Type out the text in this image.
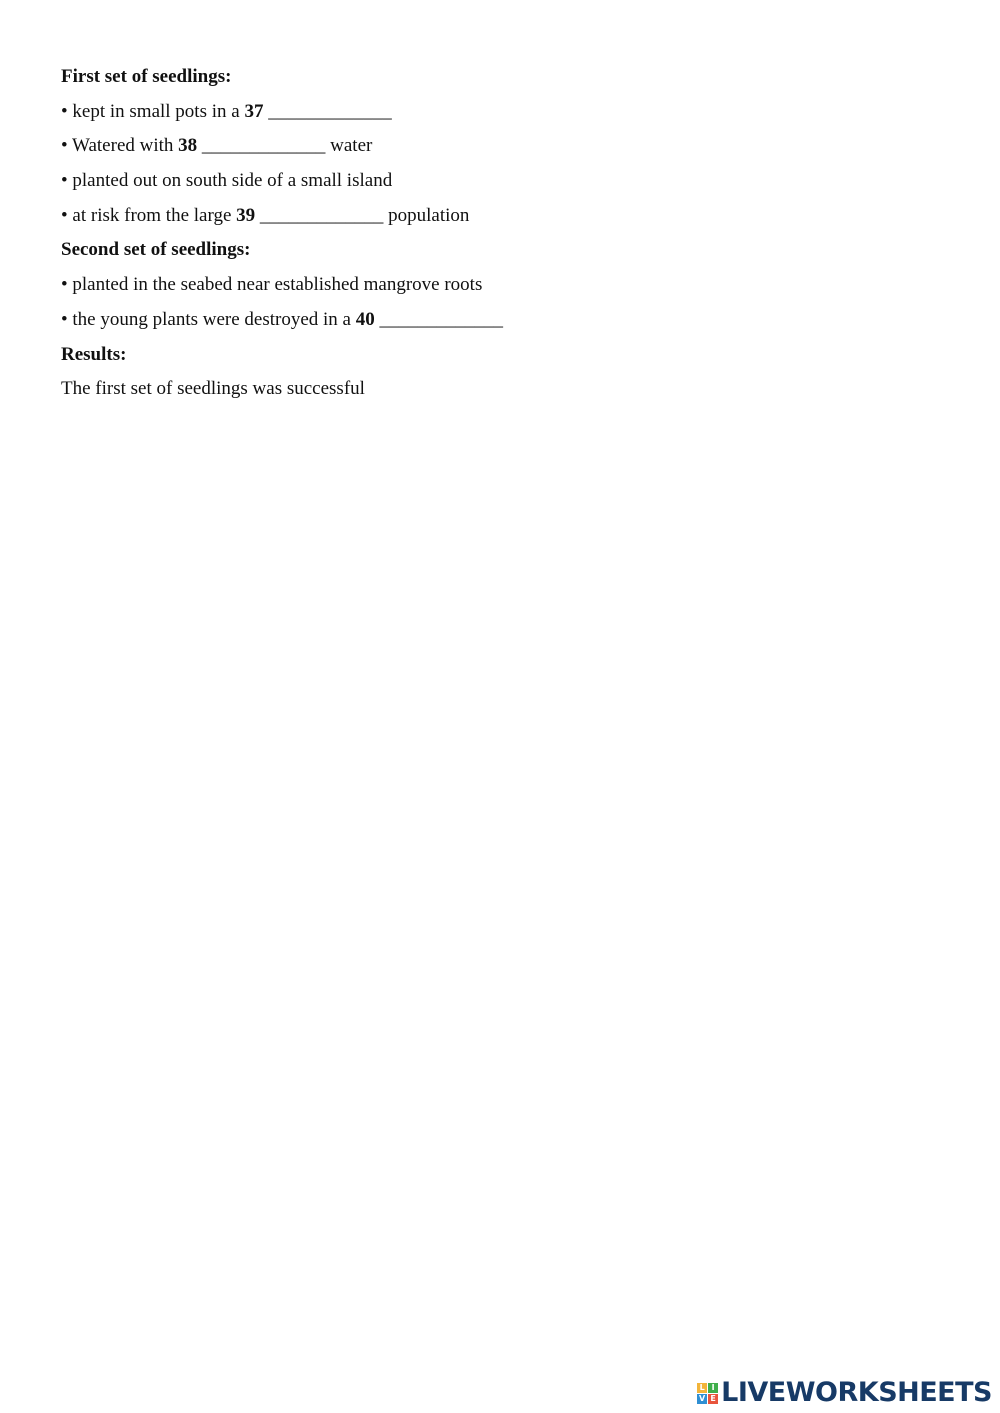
First set of seedlings:
• kept in small pots in a 37 _____________
• Watered with 38 _____________ water
• planted out on south side of a small island
• at risk from the large 39 _____________ population
Second set of seedlings:
• planted in the seabed near established mangrove roots
• the young plants were destroyed in a 40 _____________
Results:
The first set of seedlings was successful
L I
V E LIVEWORKSHEETS
